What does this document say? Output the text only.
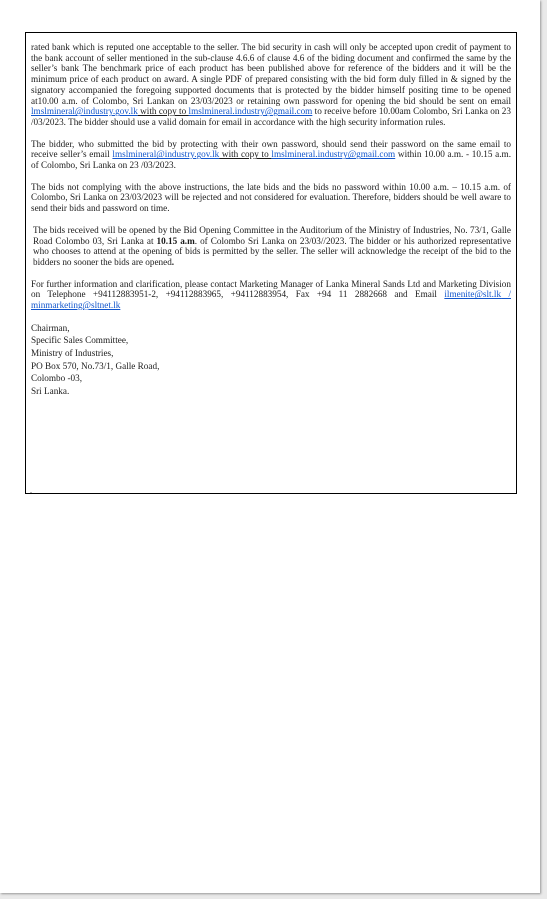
rated bank which is reputed one acceptable to the seller. The bid security in cash will only be accepted upon credit of payment to the bank account of seller mentioned in the sub-clause 4.6.6 of clause 4.6 of the biding document and confirmed the same by the seller’s bank The benchmark price of each product has been published above for reference of the bidders and it will be the minimum price of each product on award. A single PDF of prepared consisting with the bid form duly filled in & signed by the signatory accompanied the foregoing supported documents that is protected by the bidder himself positing time to be opened at10.00 a.m. of Colombo, Sri Lankan on 23/03/2023 or retaining own password for opening the bid should be sent on email lmslmineral@industry.gov.lk with copy to lmslmineral.industry@gmail.com to receive before 10.00am Colombo, Sri Lanka on 23 /03/2023. The bidder should use a valid domain for email in accordance with the high security information rules.

The bidder, who submitted the bid by protecting with their own password, should send their password on the same email to receive seller’s email lmslmineral@industry.gov.lk with copy to lmslmineral.industry@gmail.com within 10.00 a.m. - 10.15 a.m. of Colombo, Sri Lanka on 23 /03/2023.

The bids not complying with the above instructions, the late bids and the bids no password within 10.00 a.m. – 10.15 a.m. of Colombo, Sri Lanka on 23/03/2023 will be rejected and not considered for evaluation. Therefore, bidders should be well aware to send their bids and password on time.

The bids received will be opened by the Bid Opening Committee in the Auditorium of the Ministry of Industries, No. 73/1, Galle Road Colombo 03, Sri Lanka at 10.15 a.m. of Colombo Sri Lanka on 23/03//2023. The bidder or his authorized representative who chooses to attend at the opening of bids is permitted by the seller. The seller will acknowledge the receipt of the bid to the bidders no sooner the bids are opened.

For further information and clarification, please contact Marketing Manager of Lanka Mineral Sands Ltd and Marketing Division on Telephone +94112883951-2, +94112883965, +94112883954, Fax +94 11 2882668 and Email ilmenite@slt.lk / minmarketing@sltnet.lk

Chairman,
Specific Sales Committee,
Ministry of Industries,
PO Box 570, No.73/1, Galle Road,
Colombo -03,
Sri Lanka.
.
